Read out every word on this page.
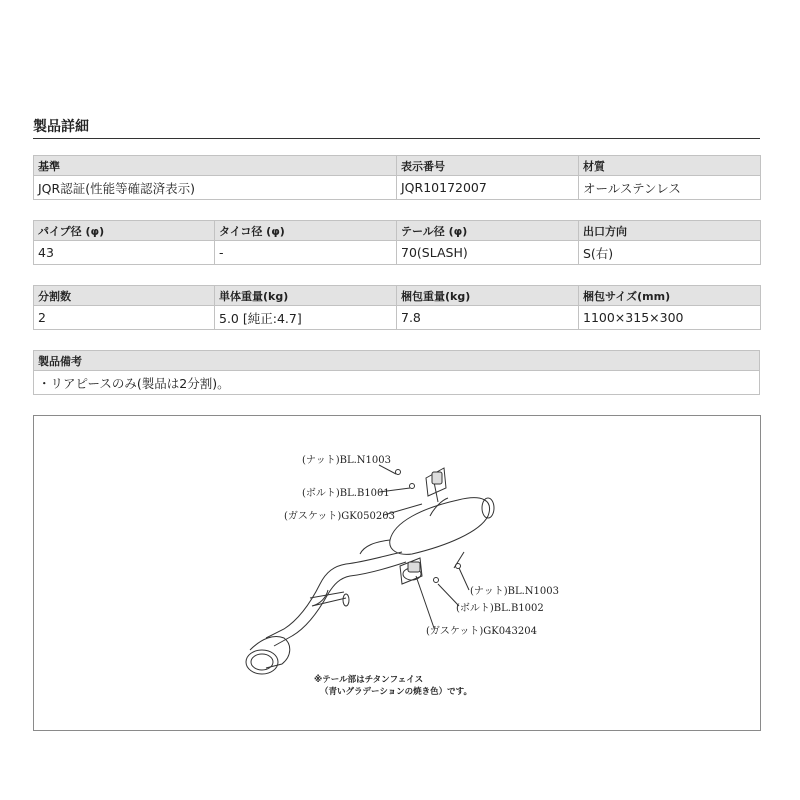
製品詳細
基準	表示番号	材質
JQR認証(性能等確認済表示)	JQR10172007	オールステンレス
パイプ径 (φ)	タイコ径 (φ)	テール径 (φ)	出口方向
43	-	70(SLASH)	S(右)
分割数	単体重量(kg)	梱包重量(kg)	梱包サイズ(mm)
2	5.0 [純正:4.7]	7.8	1100×315×300
製品備考
・リアピースのみ(製品は2分割)。
(ナット)BL.N1003
(ボルト)BL.B1001
(ガスケット)GK050203
(ナット)BL.N1003
(ボルト)BL.B1002
(ガスケット)GK043204
※テール部はチタンフェイス
（青いグラデーションの焼き色）です。
